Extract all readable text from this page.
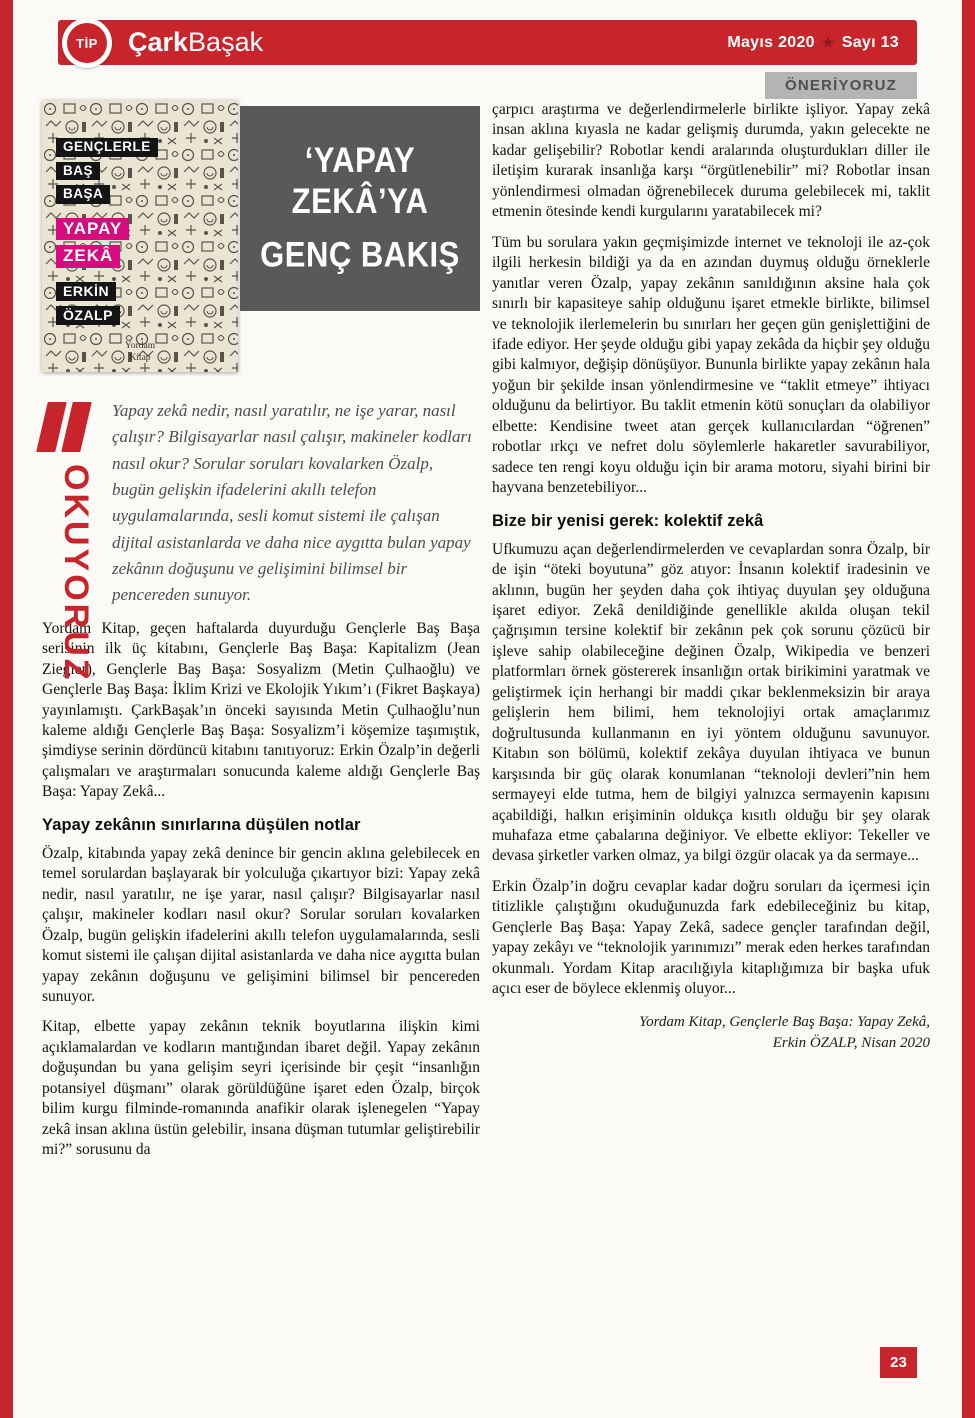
TİP	ÇarkBaşak	Mayıs 2020 ★ Sayı 13
ÖNERİYORUZ
GENÇLERLE
BAŞ
BAŞA
YAPAY
ZEKÂ
ERKİN
ÖZALP
Yordam
Kitap
‘YAPAY ZEKÂ’YA
GENÇ BAKIŞ
OKUYORUZ
Yapay zekâ nedir, nasıl yaratılır, ne işe yarar, nasıl çalışır? Bilgisayarlar nasıl çalışır, makineler kodları nasıl okur? Sorular soruları kovalarken Özalp, bugün gelişkin ifadelerini akıllı telefon uygulamalarında, sesli komut sistemi ile çalışan dijital asistanlarda ve daha nice aygıtta bulan yapay zekânın doğuşunu ve gelişimini bilimsel bir pencereden sunuyor.

Yordam Kitap, geçen haftalarda duyurduğu Gençlerle Baş Başa serisinin ilk üç kitabını, Gençlerle Baş Başa: Kapitalizm (Jean Ziegler), Gençlerle Baş Başa: Sosyalizm (Metin Çulhaoğlu) ve Gençlerle Baş Başa: İklim Krizi ve Ekolojik Yıkım’ı (Fikret Başkaya) yayınlamıştı. ÇarkBaşak’ın önceki sayısında Metin Çulhaoğlu’nun kaleme aldığı Gençlerle Baş Başa: Sosyalizm’i köşemize taşımıştık, şimdiyse serinin dördüncü kitabını tanıtıyoruz: Erkin Özalp’in değerli çalışmaları ve araştırmaları sonucunda kaleme aldığı Gençlerle Baş Başa: Yapay Zekâ...

Yapay zekânın sınırlarına düşülen notlar

Özalp, kitabında yapay zekâ denince bir gencin aklına gelebilecek en temel sorulardan başlayarak bir yolculuğa çıkartıyor bizi: Yapay zekâ nedir, nasıl yaratılır, ne işe yarar, nasıl çalışır? Bilgisayarlar nasıl çalışır, makineler kodları nasıl okur? Sorular soruları kovalarken Özalp, bugün gelişkin ifadelerini akıllı telefon uygulamalarında, sesli komut sistemi ile çalışan dijital asistanlarda ve daha nice aygıtta bulan yapay zekânın doğuşunu ve gelişimini bilimsel bir pencereden sunuyor.

Kitap, elbette yapay zekânın teknik boyutlarına ilişkin kimi açıklamalardan ve kodların mantığından ibaret değil. Yapay zekânın doğuşundan bu yana gelişim seyri içerisinde bir çeşit “insanlığın potansiyel düşmanı” olarak görüldüğüne işaret eden Özalp, birçok bilim kurgu filminde-romanında anafikir olarak işlenegelen “Yapay zekâ insan aklına üstün gelebilir, insana düşman tutumlar geliştirebilir mi?” sorusunu da

çarpıcı araştırma ve değerlendirmelerle birlikte işliyor. Yapay zekâ insan aklına kıyasla ne kadar gelişmiş durumda, yakın gelecekte ne kadar gelişebilir? Robotlar kendi aralarında oluşturdukları diller ile iletişim kurarak insanlığa karşı “örgütlenebilir” mi? Robotlar insan yönlendirmesi olmadan öğrenebilecek duruma gelebilecek mi, taklit etmenin ötesinde kendi kurgularını yaratabilecek mi?

Tüm bu sorulara yakın geçmişimizde internet ve teknoloji ile az-çok ilgili herkesin bildiği ya da en azından duymuş olduğu örneklerle yanıtlar veren Özalp, yapay zekânın sanıldığının aksine hala çok sınırlı bir kapasiteye sahip olduğunu işaret etmekle birlikte, bilimsel ve teknolojik ilerlemelerin bu sınırları her geçen gün genişlettiğini de ifade ediyor. Her şeyde olduğu gibi yapay zekâda da hiçbir şey olduğu gibi kalmıyor, değişip dönüşüyor. Bununla birlikte yapay zekânın hala yoğun bir şekilde insan yönlendirmesine ve “taklit etmeye” ihtiyacı olduğunu da belirtiyor. Bu taklit etmenin kötü sonuçları da olabiliyor elbette: Kendisine tweet atan gerçek kullanıcılardan “öğrenen” robotlar ırkçı ve nefret dolu söylemlerle hakaretler savurabiliyor, sadece ten rengi koyu olduğu için bir arama motoru, siyahi birini bir hayvana benzetebiliyor...

Bize bir yenisi gerek: kolektif zekâ

Ufkumuzu açan değerlendirmelerden ve cevaplardan sonra Özalp, bir de işin “öteki boyutuna” göz atıyor: İnsanın kolektif iradesinin ve aklının, bugün her şeyden daha çok ihtiyaç duyulan şey olduğuna işaret ediyor. Zekâ denildiğinde genellikle akılda oluşan tekil çağrışımın tersine kolektif bir zekânın pek çok sorunu çözücü bir işleve sahip olabileceğine değinen Özalp, Wikipedia ve benzeri platformları örnek göstererek insanlığın ortak birikimini yaratmak ve geliştirmek için herhangi bir maddi çıkar beklenmeksizin bir araya gelişlerin hem bilimi, hem teknolojiyi ortak amaçlarımız doğrultusunda kullanmanın en iyi yöntem olduğunu savunuyor. Kitabın son bölümü, kolektif zekâya duyulan ihtiyaca ve bunun karşısında bir güç olarak konumlanan “teknoloji devleri”nin hem sermayeyi elde tutma, hem de bilgiyi yalnızca sermayenin kapısını açabildiği, halkın erişiminin oldukça kısıtlı olduğu bir şey olarak muhafaza etme çabalarına değiniyor. Ve elbette ekliyor: Tekeller ve devasa şirketler varken olmaz, ya bilgi özgür olacak ya da sermaye...

Erkin Özalp’in doğru cevaplar kadar doğru soruları da içermesi için titizlikle çalıştığını okuduğunuzda fark edebileceğiniz bu kitap, Gençlerle Baş Başa: Yapay Zekâ, sadece gençler tarafından değil, yapay zekâyı ve “teknolojik yarınımızı” merak eden herkes tarafından okunmalı. Yordam Kitap aracılığıyla kitaplığımıza bir başka ufuk açıcı eser de böylece eklenmiş oluyor...

Yordam Kitap, Gençlerle Baş Başa: Yapay Zekâ,
Erkin ÖZALP, Nisan 2020
23
